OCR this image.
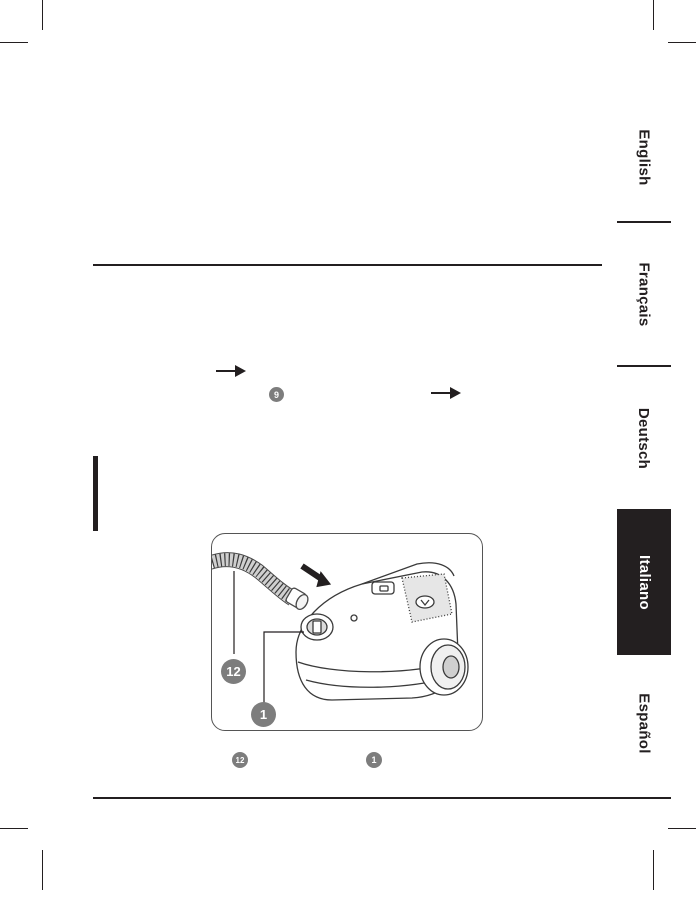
English
Français
Deutsch
Italiano
Español
9
12
1
12	1
